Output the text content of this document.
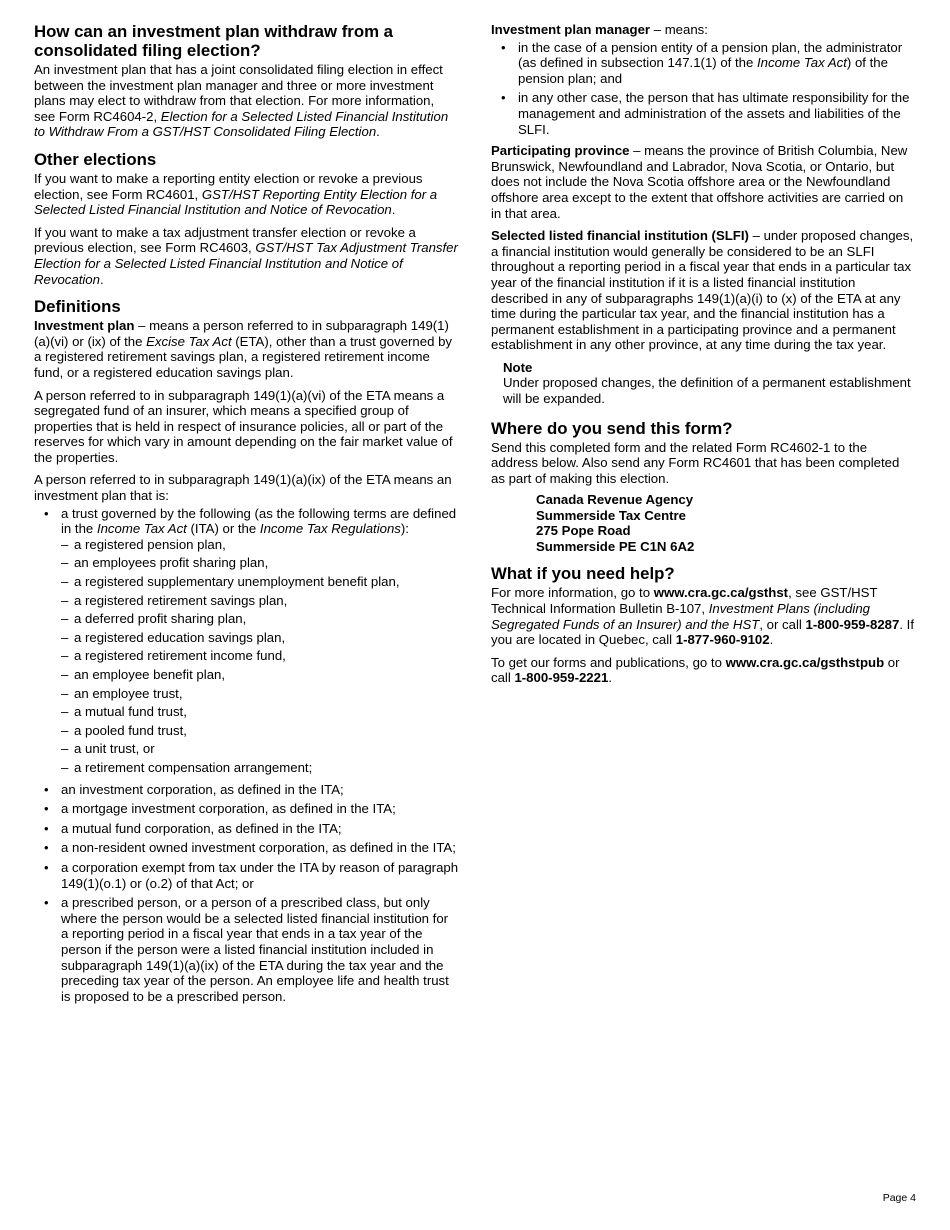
How can an investment plan withdraw from a consolidated filing election?

An investment plan that has a joint consolidated filing election in effect between the investment plan manager and three or more investment plans may elect to withdraw from that election. For more information, see Form RC4604-2, Election for a Selected Listed Financial Institution to Withdraw From a GST/HST Consolidated Filing Election.

Other elections

If you want to make a reporting entity election or revoke a previous election, see Form RC4601, GST/HST Reporting Entity Election for a Selected Listed Financial Institution and Notice of Revocation.

If you want to make a tax adjustment transfer election or revoke a previous election, see Form RC4603, GST/HST Tax Adjustment Transfer Election for a Selected Listed Financial Institution and Notice of Revocation.

Definitions

Investment plan – means a person referred to in subparagraph 149(1)(a)(vi) or (ix) of the Excise Tax Act (ETA), other than a trust governed by a registered retirement savings plan, a registered retirement income fund, or a registered education savings plan.

A person referred to in subparagraph 149(1)(a)(vi) of the ETA means a segregated fund of an insurer, which means a specified group of properties that is held in respect of insurance policies, all or part of the reserves for which vary in amount depending on the fair market value of the properties.

A person referred to in subparagraph 149(1)(a)(ix) of the ETA means an investment plan that is:

• a trust governed by the following (as the following terms are defined in the Income Tax Act (ITA) or the Income Tax Regulations):
– a registered pension plan,
– an employees profit sharing plan,
– a registered supplementary unemployment benefit plan,
– a registered retirement savings plan,
– a deferred profit sharing plan,
– a registered education savings plan,
– a registered retirement income fund,
– an employee benefit plan,
– an employee trust,
– a mutual fund trust,
– a pooled fund trust,
– a unit trust, or
– a retirement compensation arrangement;
• an investment corporation, as defined in the ITA;
• a mortgage investment corporation, as defined in the ITA;
• a mutual fund corporation, as defined in the ITA;
• a non-resident owned investment corporation, as defined in the ITA;
• a corporation exempt from tax under the ITA by reason of paragraph 149(1)(o.1) or (o.2) of that Act; or
• a prescribed person, or a person of a prescribed class, but only where the person would be a selected listed financial institution for a reporting period in a fiscal year that ends in a tax year of the person if the person were a listed financial institution included in subparagraph 149(1)(a)(ix) of the ETA during the tax year and the preceding tax year of the person. An employee life and health trust is proposed to be a prescribed person.

Investment plan manager – means:

• in the case of a pension entity of a pension plan, the administrator (as defined in subsection 147.1(1) of the Income Tax Act) of the pension plan; and
• in any other case, the person that has ultimate responsibility for the management and administration of the assets and liabilities of the SLFI.

Participating province – means the province of British Columbia, New Brunswick, Newfoundland and Labrador, Nova Scotia, or Ontario, but does not include the Nova Scotia offshore area or the Newfoundland offshore area except to the extent that offshore activities are carried on in that area.

Selected listed financial institution (SLFI) – under proposed changes, a financial institution would generally be considered to be an SLFI throughout a reporting period in a fiscal year that ends in a particular tax year of the financial institution if it is a listed financial institution described in any of subparagraphs 149(1)(a)(i) to (x) of the ETA at any time during the particular tax year, and the financial institution has a permanent establishment in a participating province and a permanent establishment in any other province, at any time during the tax year.

Note
Under proposed changes, the definition of a permanent establishment will be expanded.
Where do you send this form?

Send this completed form and the related Form RC4602-1 to the address below. Also send any Form RC4601 that has been completed as part of making this election.

Canada Revenue Agency
Summerside Tax Centre
275 Pope Road
Summerside PE C1N 6A2
What if you need help?

For more information, go to www.cra.gc.ca/gsthst, see GST/HST Technical Information Bulletin B-107, Investment Plans (including Segregated Funds of an Insurer) and the HST, or call 1-800-959-8287. If you are located in Quebec, call 1-877-960-9102.

To get our forms and publications, go to www.cra.gc.ca/gsthstpub or call 1-800-959-2221.

Page 4
